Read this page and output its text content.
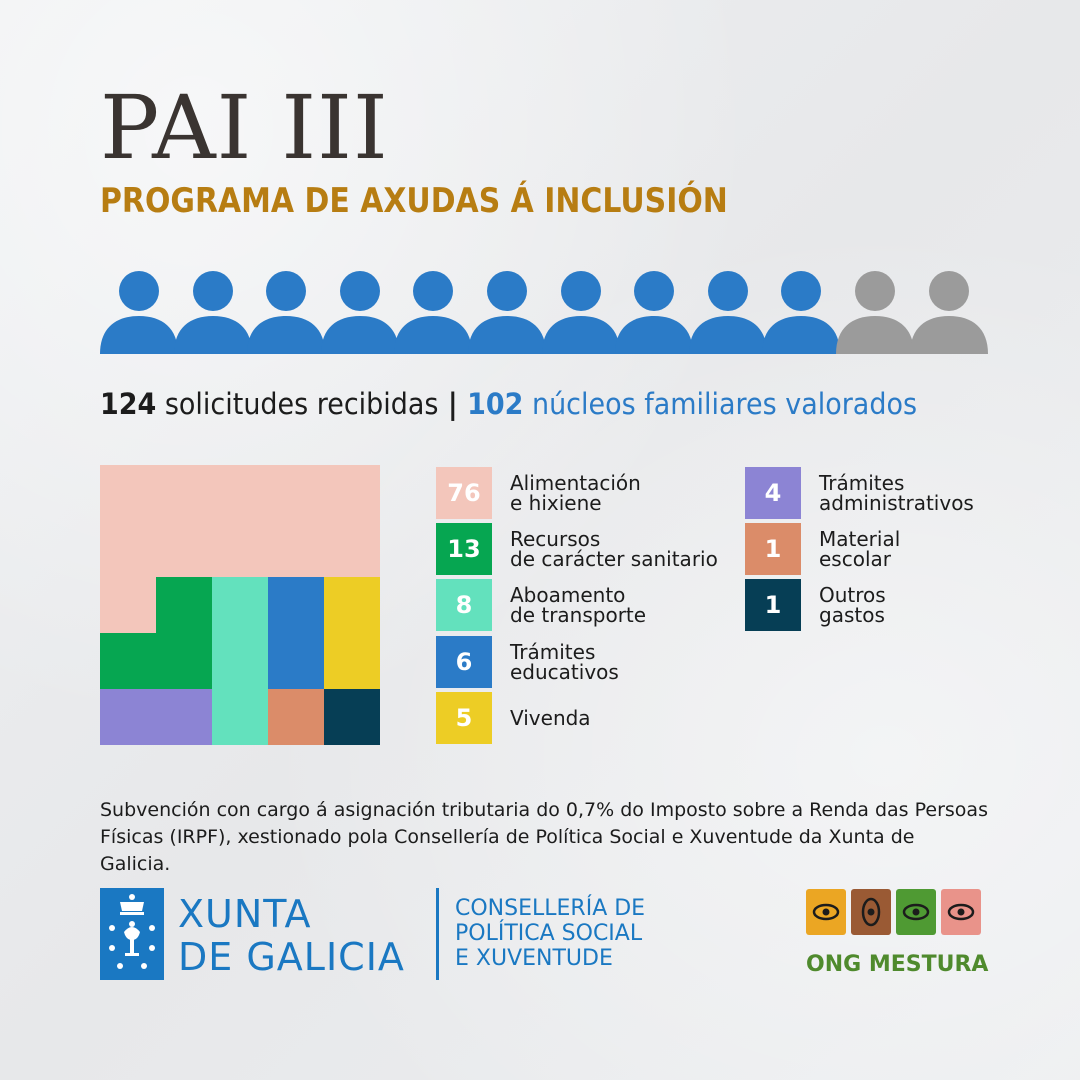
PAI III
PROGRAMA DE AXUDAS Á INCLUSIÓN
124 solicitudes recibidas | 102 núcleos familiares valorados
76	Alimentación
e hixiene
13	Recursos
de carácter sanitario
8	Aboamento
de transporte
6	Trámites
educativos
5	Vivenda
4	Trámites
administrativos
1	Material
escolar
1	Outros
gastos
Subvención con cargo á asignación tributaria do 0,7% do Imposto sobre a Renda das Persoas Físicas (IRPF), xestionado pola Consellería de Política Social e Xuventude da Xunta de Galicia.
XUNTA
DE GALICIA
CONSELLERÍA DE
POLÍTICA SOCIAL
E XUVENTUDE	ONG MESTURA
